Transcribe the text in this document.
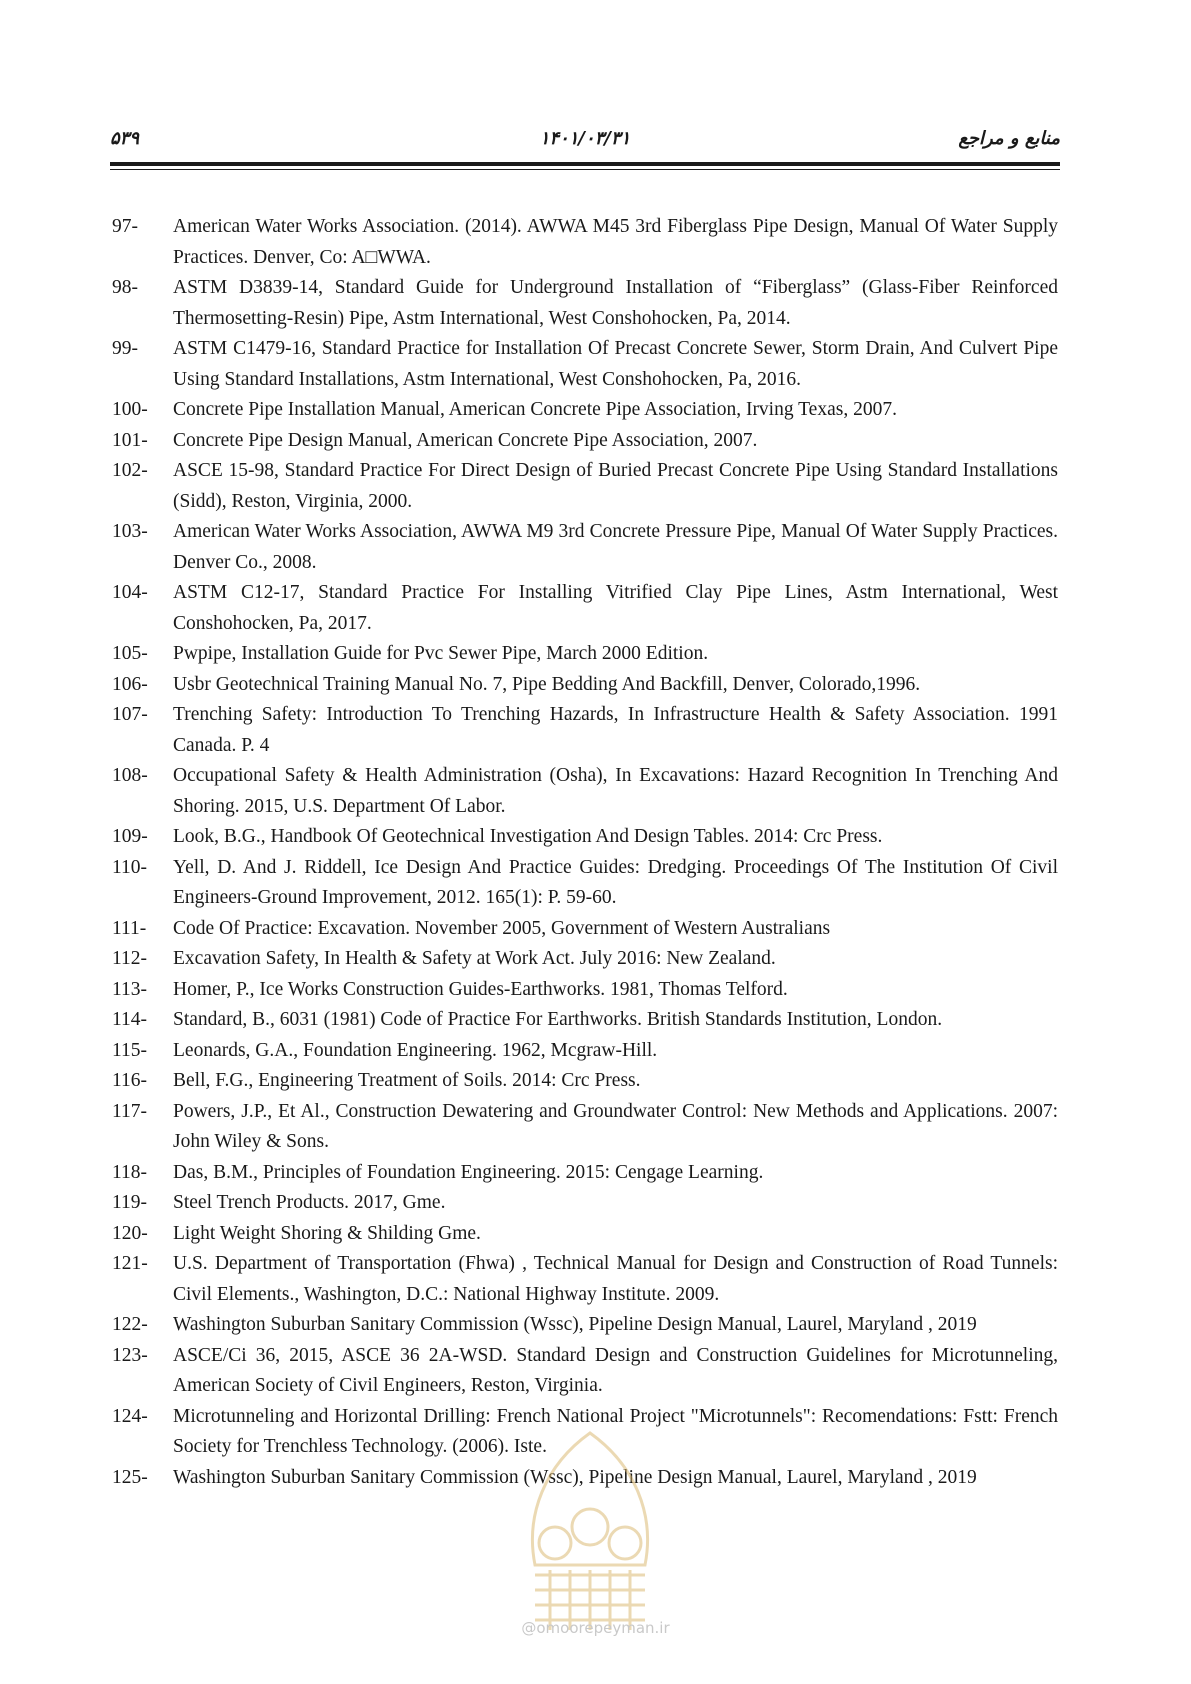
۵۳۹	۱۴۰۱/۰۳/۳۱	منابع و مراجع
97-	American Water Works Association. (2014). AWWA M45 3rd Fiberglass Pipe Design, Manual Of Water Supply Practices. Denver, Co: A□WWA.
98-	ASTM D3839-14, Standard Guide for Underground Installation of “Fiberglass” (Glass-Fiber Reinforced Thermosetting-Resin) Pipe, Astm International, West Conshohocken, Pa, 2014.
99-	ASTM C1479-16, Standard Practice for Installation Of Precast Concrete Sewer, Storm Drain, And Culvert Pipe Using Standard Installations, Astm International, West Conshohocken, Pa, 2016.
100-	Concrete Pipe Installation Manual, American Concrete Pipe Association, Irving Texas, 2007.
101-	Concrete Pipe Design Manual, American Concrete Pipe Association, 2007.
102-	ASCE 15-98, Standard Practice For Direct Design of Buried Precast Concrete Pipe Using Standard Installations (Sidd), Reston, Virginia, 2000.
103-	American Water Works Association, AWWA M9 3rd Concrete Pressure Pipe, Manual Of Water Supply Practices. Denver Co., 2008.
104-	ASTM C12-17, Standard Practice For Installing Vitrified Clay Pipe Lines, Astm International, West Conshohocken, Pa, 2017.
105-	Pwpipe, Installation Guide for Pvc Sewer Pipe, March 2000 Edition.
106-	Usbr Geotechnical Training Manual No. 7, Pipe Bedding And Backfill, Denver, Colorado,1996.
107-	Trenching Safety: Introduction To Trenching Hazards, In Infrastructure Health & Safety Association. 1991 Canada. P. 4
108-	Occupational Safety & Health Administration (Osha), In Excavations: Hazard Recognition In Trenching And Shoring. 2015, U.S. Department Of Labor.
109-	Look, B.G., Handbook Of Geotechnical Investigation And Design Tables. 2014: Crc Press.
110-	Yell, D. And J. Riddell, Ice Design And Practice Guides: Dredging. Proceedings Of The Institution Of Civil Engineers-Ground Improvement, 2012. 165(1): P. 59-60.
111-	Code Of Practice: Excavation. November 2005, Government of Western Australians
112-	Excavation Safety, In Health & Safety at Work Act. July 2016: New Zealand.
113-	Homer, P., Ice Works Construction Guides-Earthworks. 1981, Thomas Telford.
114-	Standard, B., 6031 (1981) Code of Practice For Earthworks. British Standards Institution, London.
115-	Leonards, G.A., Foundation Engineering. 1962, Mcgraw-Hill.
116-	Bell, F.G., Engineering Treatment of Soils. 2014: Crc Press.
117-	Powers, J.P., Et Al., Construction Dewatering and Groundwater Control: New Methods and Applications. 2007: John Wiley & Sons.
118-	Das, B.M., Principles of Foundation Engineering. 2015: Cengage Learning.
119-	Steel Trench Products. 2017, Gme.
120-	Light Weight Shoring & Shilding Gme.
121-	U.S. Department of Transportation (Fhwa) , Technical Manual for Design and Construction of Road Tunnels: Civil Elements., Washington, D.C.: National Highway Institute. 2009.
122-	Washington Suburban Sanitary Commission (Wssc), Pipeline Design Manual, Laurel, Maryland , 2019
123-	ASCE/Ci 36, 2015, ASCE 36 2A-WSD. Standard Design and Construction Guidelines for Microtunneling, American Society of Civil Engineers, Reston, Virginia.
124-	Microtunneling and Horizontal Drilling: French National Project "Microtunnels": Recomendations: Fstt: French Society for Trenchless Technology. (2006). Iste.
125-	Washington Suburban Sanitary Commission (Wssc), Pipeline Design Manual, Laurel, Maryland , 2019
@omoorepeyman.ir
